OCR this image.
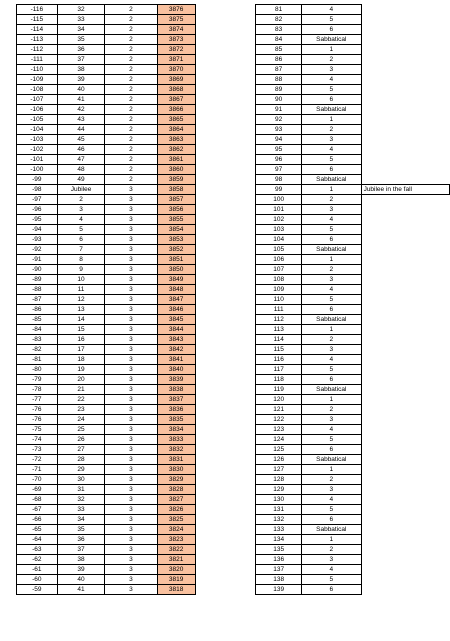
-116	32	2	3876		81	4	
-115	33	2	3875		82	5	
-114	34	2	3874		83	6	
-113	35	2	3873		84	Sabbatical	
-112	36	2	3872		85	1	
-111	37	2	3871		86	2	
-110	38	2	3870		87	3	
-109	39	2	3869		88	4	
-108	40	2	3868		89	5	
-107	41	2	3867		90	6	
-106	42	2	3866		91	Sabbatical	
-105	43	2	3865		92	1	
-104	44	2	3864		93	2	
-103	45	2	3863		94	3	
-102	46	2	3862		95	4	
-101	47	2	3861		96	5	
-100	48	2	3860		97	6	
-99	49	2	3859		98	Sabbatical	
-98	Jubilee	3	3858		99	1	Jubilee in the fall
-97	2	3	3857		100	2	
-96	3	3	3856		101	3	
-95	4	3	3855		102	4	
-94	5	3	3854		103	5	
-93	6	3	3853		104	6	
-92	7	3	3852		105	Sabbatical	
-91	8	3	3851		106	1	
-90	9	3	3850		107	2	
-89	10	3	3849		108	3	
-88	11	3	3848		109	4	
-87	12	3	3847		110	5	
-86	13	3	3846		111	6	
-85	14	3	3845		112	Sabbatical	
-84	15	3	3844		113	1	
-83	16	3	3843		114	2	
-82	17	3	3842		115	3	
-81	18	3	3841		116	4	
-80	19	3	3840		117	5	
-79	20	3	3839		118	6	
-78	21	3	3838		119	Sabbatical	
-77	22	3	3837		120	1	
-76	23	3	3836		121	2	
-76	24	3	3835		122	3	
-75	25	3	3834		123	4	
-74	26	3	3833		124	5	
-73	27	3	3832		125	6	
-72	28	3	3831		126	Sabbatical	
-71	29	3	3830		127	1	
-70	30	3	3829		128	2	
-69	31	3	3828		129	3	
-68	32	3	3827		130	4	
-67	33	3	3826		131	5	
-66	34	3	3825		132	6	
-65	35	3	3824		133	Sabbatical	
-64	36	3	3823		134	1	
-63	37	3	3822		135	2	
-62	38	3	3821		136	3	
-61	39	3	3820		137	4	
-60	40	3	3819		138	5	
-59	41	3	3818		139	6	
